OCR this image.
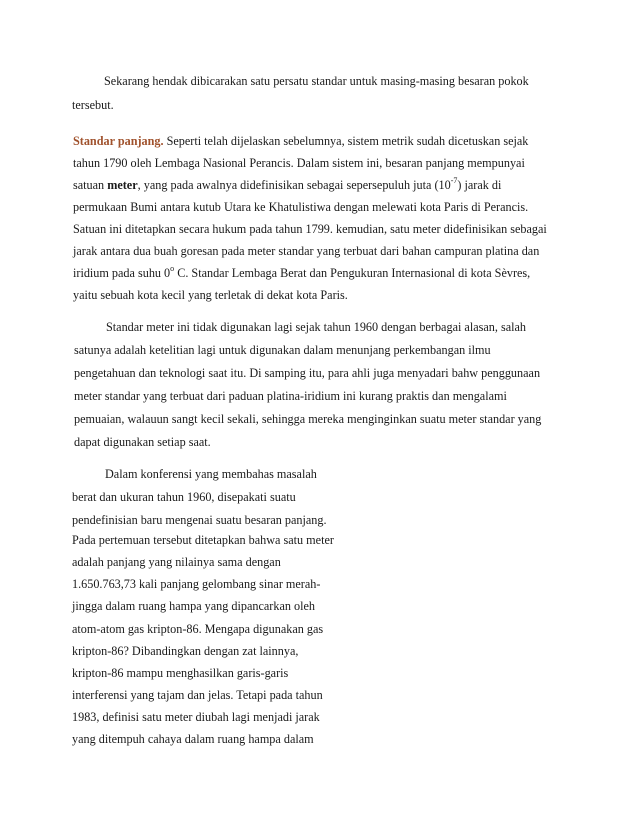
Sekarang hendak dibicarakan satu persatu standar untuk masing-masing besaran pokok
tersebut.
Standar panjang. Seperti telah dijelaskan sebelumnya, sistem metrik sudah dicetuskan sejak
tahun 1790 oleh Lembaga Nasional Perancis. Dalam sistem ini, besaran panjang mempunyai
satuan meter, yang pada awalnya didefinisikan sebagai sepersepuluh juta $(10^{-7})$ jarak di
permukaan Bumi antara kutub Utara ke Khatulistiwa dengan melewati kota Paris di Perancis.
Satuan ini ditetapkan secara hukum pada tahun 1799. kemudian, satu meter didefinisikan sebagai
jarak antara dua buah goresan pada meter standar yang terbuat dari bahan campuran platina dan
iridium pada suhu 0$^o$ C. Standar Lembaga Berat dan Pengukuran Internasional di kota Sèvres,
yaitu sebuah kota kecil yang terletak di dekat kota Paris.
Standar meter ini tidak digunakan lagi sejak tahun 1960 dengan berbagai alasan, salah
satunya adalah ketelitian lagi untuk digunakan dalam menunjang perkembangan ilmu
pengetahuan dan teknologi saat itu. Di samping itu, para ahli juga menyadari bahw penggunaan
meter standar yang terbuat dari paduan platina-iridium ini kurang praktis dan mengalami
pemuaian, walauun sangt kecil sekali, sehingga mereka menginginkan suatu meter standar yang
dapat digunakan setiap saat.
Dalam konferensi yang membahas masalah
berat dan ukuran tahun 1960, disepakati suatu
pendefinisian baru mengenai suatu besaran panjang.
Pada pertemuan tersebut ditetapkan bahwa satu meter
adalah panjang yang nilainya sama dengan
1.650.763,73 kali panjang gelombang sinar merah-
jingga dalam ruang hampa yang dipancarkan oleh
atom-atom gas kripton-86. Mengapa digunakan gas
kripton-86? Dibandingkan dengan zat lainnya,
kripton-86 mampu menghasilkan garis-garis
interferensi yang tajam dan jelas. Tetapi pada tahun
1983, definisi satu meter diubah lagi menjadi jarak
yang ditempuh cahaya dalam ruang hampa dalam
